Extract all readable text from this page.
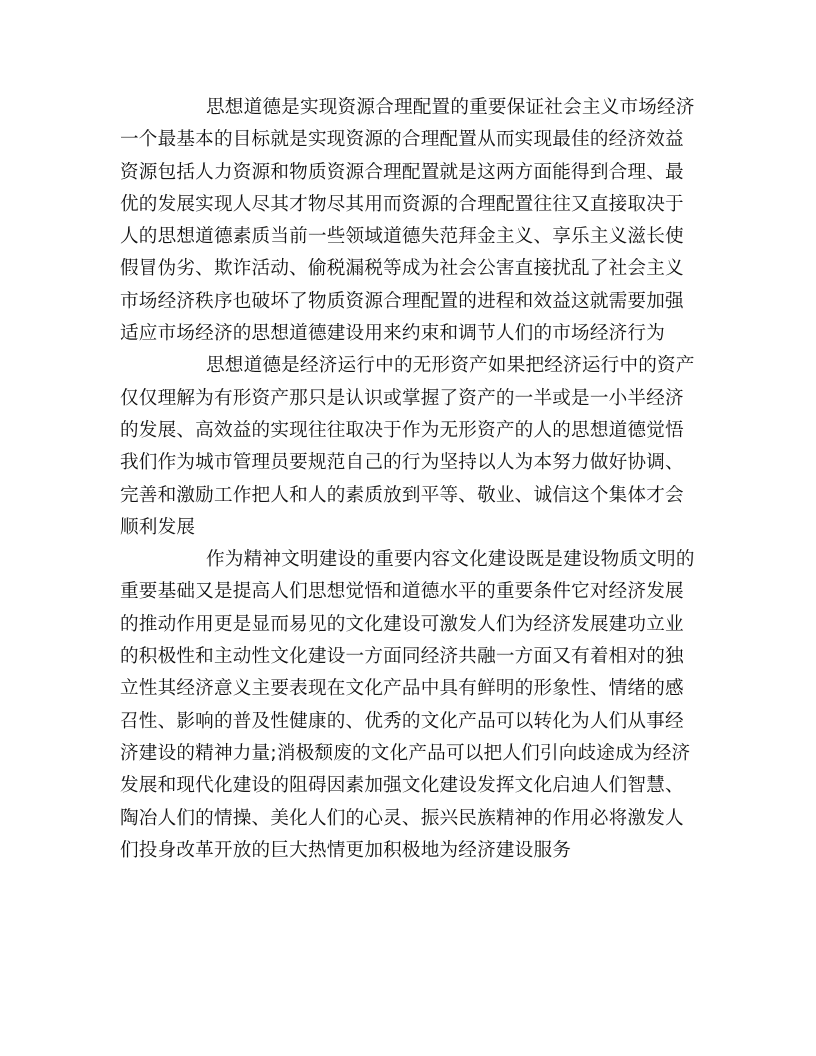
思想道德是实现资源合理配置的重要保证社会主义市场经济
一个最基本的目标就是实现资源的合理配置从而实现最佳的经济效益
资源包括人力资源和物质资源合理配置就是这两方面能得到合理、最
优的发展实现人尽其才物尽其用而资源的合理配置往往又直接取决于
人的思想道德素质当前一些领域道德失范拜金主义、享乐主义滋长使
假冒伪劣、欺诈活动、偷税漏税等成为社会公害直接扰乱了社会主义
市场经济秩序也破坏了物质资源合理配置的进程和效益这就需要加强
适应市场经济的思想道德建设用来约束和调节人们的市场经济行为
思想道德是经济运行中的无形资产如果把经济运行中的资产
仅仅理解为有形资产那只是认识或掌握了资产的一半或是一小半经济
的发展、高效益的实现往往取决于作为无形资产的人的思想道德觉悟
我们作为城市管理员要规范自己的行为坚持以人为本努力做好协调、
完善和激励工作把人和人的素质放到平等、敬业、诚信这个集体才会
顺利发展
作为精神文明建设的重要内容文化建设既是建设物质文明的
重要基础又是提高人们思想觉悟和道德水平的重要条件它对经济发展
的推动作用更是显而易见的文化建设可激发人们为经济发展建功立业
的积极性和主动性文化建设一方面同经济共融一方面又有着相对的独
立性其经济意义主要表现在文化产品中具有鲜明的形象性、情绪的感
召性、影响的普及性健康的、优秀的文化产品可以转化为人们从事经
济建设的精神力量;消极颓废的文化产品可以把人们引向歧途成为经济
发展和现代化建设的阻碍因素加强文化建设发挥文化启迪人们智慧、
陶冶人们的情操、美化人们的心灵、振兴民族精神的作用必将激发人
们投身改革开放的巨大热情更加积极地为经济建设服务
